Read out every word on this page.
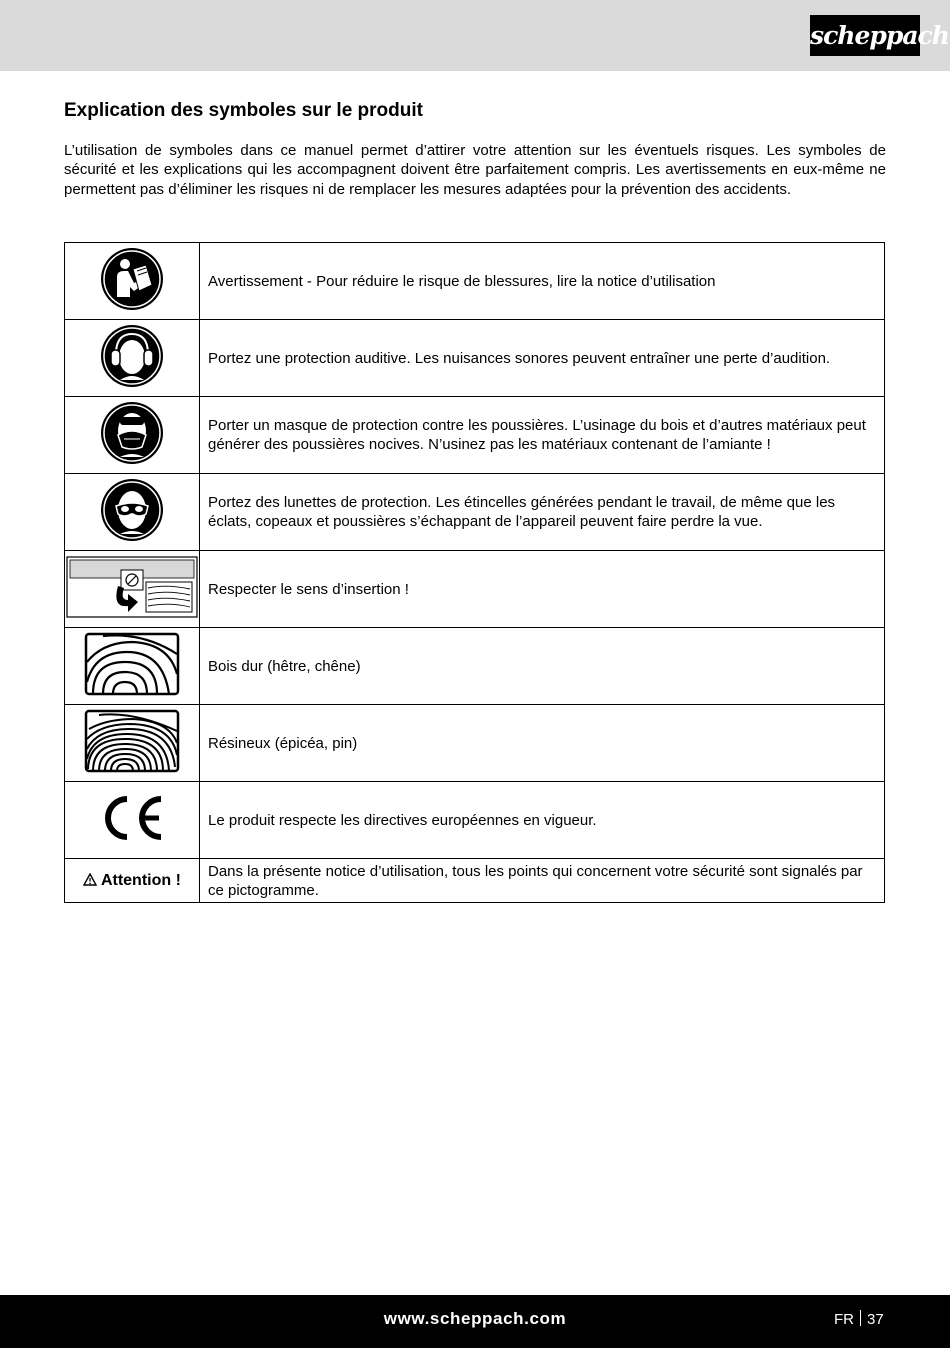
scheppach
Explication des symboles sur le produit

L’utilisation de symboles dans ce manuel permet d’attirer votre attention sur les éventuels risques. Les symboles de sécurité et les explications qui les accompagnent doivent être parfaitement compris. Les avertissements en eux-même ne permettent pas d’éliminer les risques ni de remplacer les mesures adaptées pour la prévention des accidents.

	Avertissement - Pour réduire le risque de blessures, lire la notice d’utilisation
	Portez une protection auditive. Les nuisances sonores peuvent entraîner une perte d’audition.
	Porter un masque de protection contre les poussières. L’usinage du bois et d’autres matériaux peut générer des poussières nocives. N’usinez pas les matériaux contenant de l’amiante !
	Portez des lunettes de protection. Les étincelles générées pendant le travail, de même que les éclats, copeaux et poussières s’échappant de l’appareil peuvent faire perdre la vue.
	Respecter le sens d’insertion !
	Bois dur (hêtre, chêne)
	Résineux (épicéa, pin)
	Le produit respecte les directives européennes en vigueur.
Attention !	Dans la présente notice d’utilisation, tous les points qui concernent votre sécurité sont signalés par ce pictogramme.
www.scheppach.com	FR 37
